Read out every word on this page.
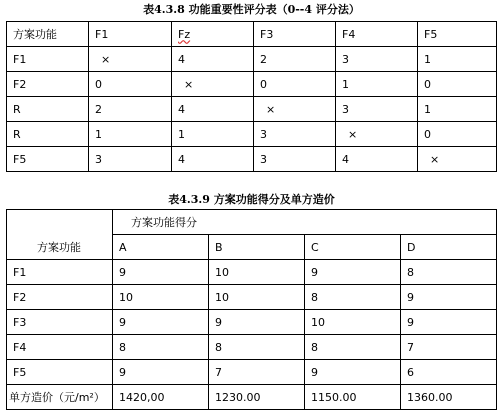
表4.3.8 功能重要性评分表（0--4 评分法）
方案功能	F1	Fz	F3	F4	F5
F1	×	4	2	3	1
F2	0	×	0	1	0
R	2	4	×	3	1
R	1	1	3	×	0
F5	3	4	3	4	×
表4.3.9 方案功能得分及单方造价
方案功能	方案功能得分			
	A	B	C	D
F1	9	10	9	8
F2	10	10	8	9
F3	9	9	10	9
F4	8	8	8	7
F5	9	7	9	6
单方造价（元/m²）	1420,00	1230.00	1150.00	1360.00
